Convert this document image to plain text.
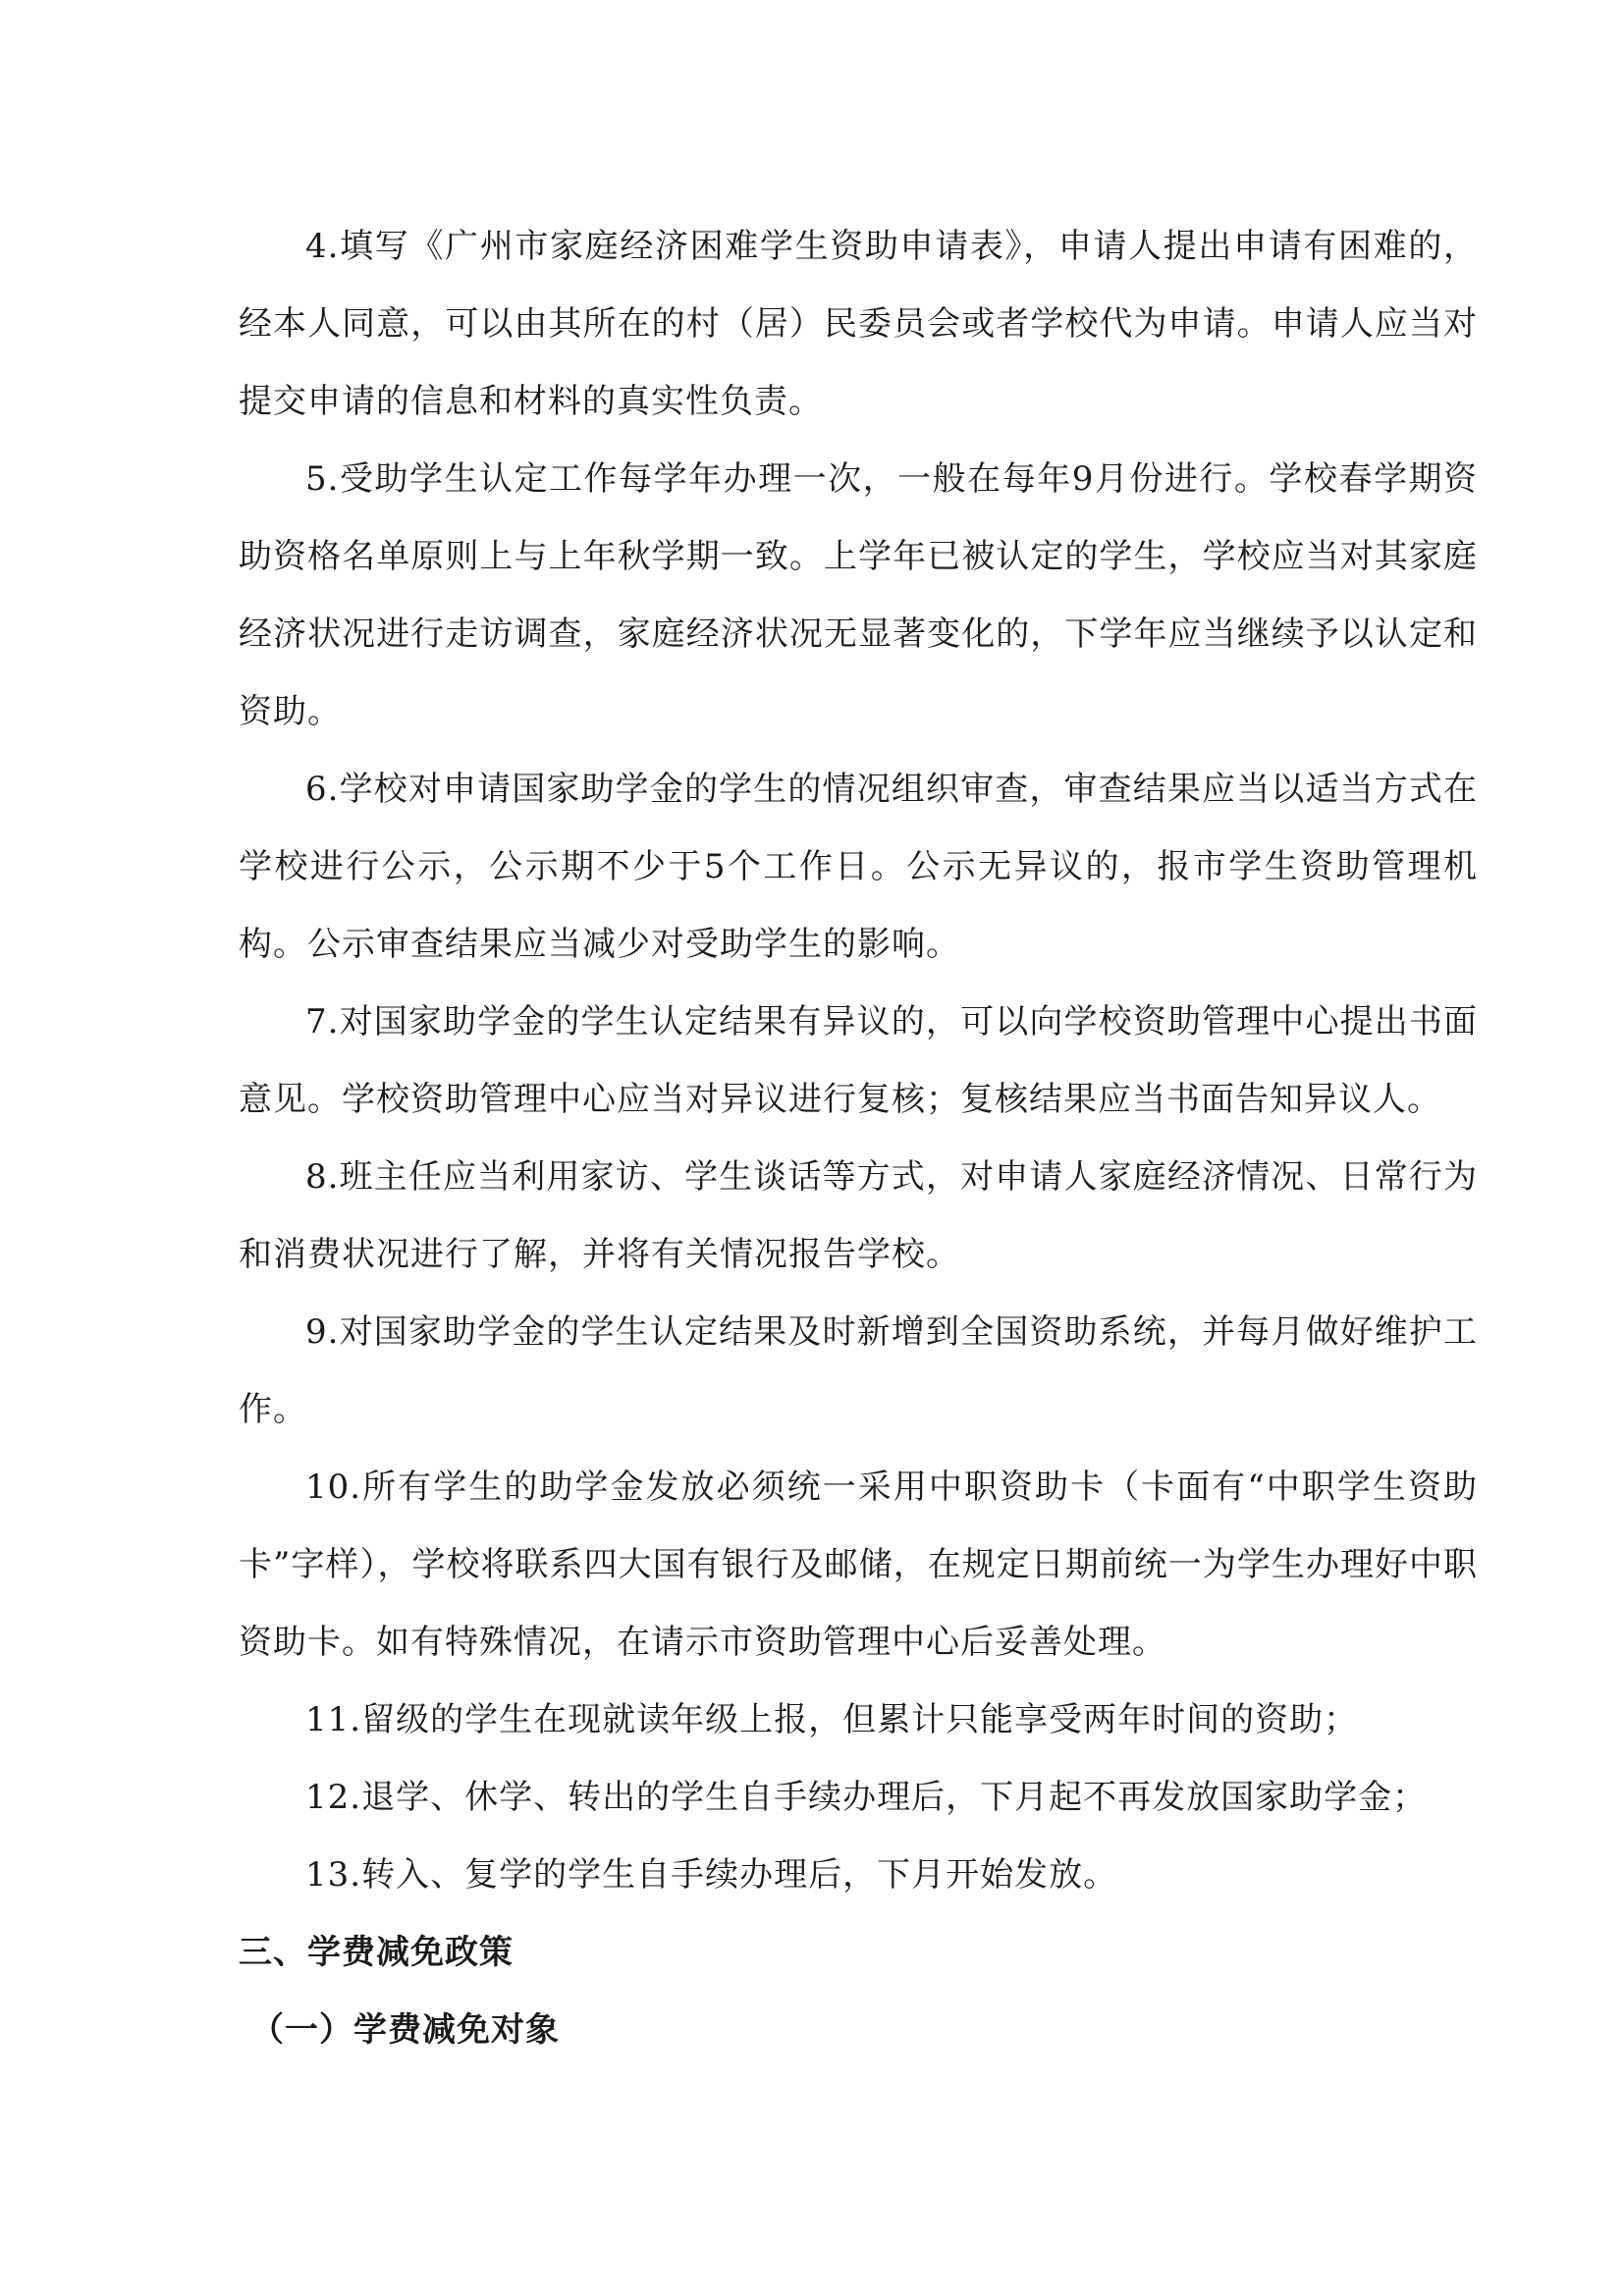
4.填写《广州市家庭经济困难学生资助申请表》，申请人提出申请有困难的，经本人同意，可以由其所在的村（居）民委员会或者学校代为申请。申请人应当对提交申请的信息和材料的真实性负责。

5.受助学生认定工作每学年办理一次，一般在每年9月份进行。学校春学期资助资格名单原则上与上年秋学期一致。上学年已被认定的学生，学校应当对其家庭经济状况进行走访调查，家庭经济状况无显著变化的，下学年应当继续予以认定和资助。

6.学校对申请国家助学金的学生的情况组织审查，审查结果应当以适当方式在学校进行公示，公示期不少于5个工作日。公示无异议的，报市学生资助管理机构。公示审查结果应当减少对受助学生的影响。

7.对国家助学金的学生认定结果有异议的，可以向学校资助管理中心提出书面意见。学校资助管理中心应当对异议进行复核；复核结果应当书面告知异议人。

8.班主任应当利用家访、学生谈话等方式，对申请人家庭经济情况、日常行为和消费状况进行了解，并将有关情况报告学校。

9.对国家助学金的学生认定结果及时新增到全国资助系统，并每月做好维护工作。

10.所有学生的助学金发放必须统一采用中职资助卡（卡面有“中职学生资助卡”字样），学校将联系四大国有银行及邮储，在规定日期前统一为学生办理好中职资助卡。如有特殊情况，在请示市资助管理中心后妥善处理。

11.留级的学生在现就读年级上报，但累计只能享受两年时间的资助；

12.退学、休学、转出的学生自手续办理后，下月起不再发放国家助学金；

13.转入、复学的学生自手续办理后，下月开始发放。

三、学费减免政策
（一）学费减免对象
